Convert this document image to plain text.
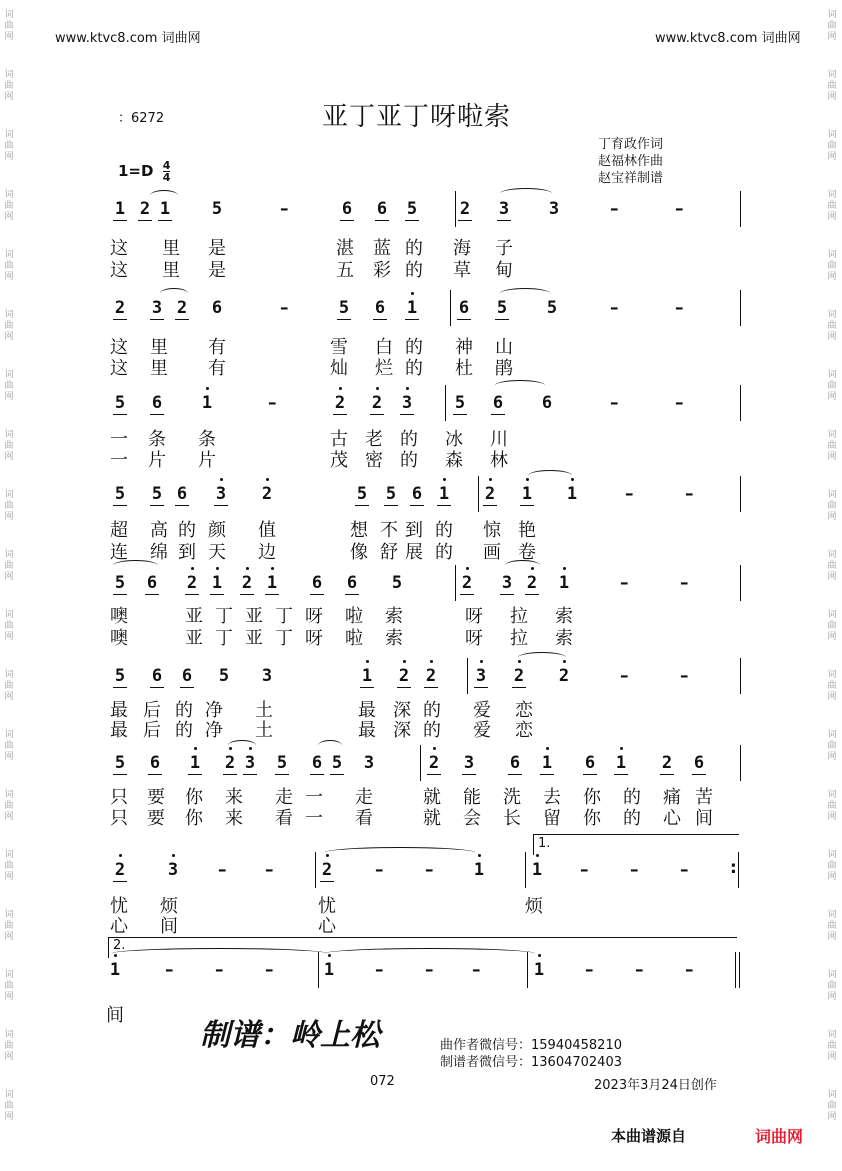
www.ktvc8.com 词曲网	www.ktvc8.com 词曲网
词
曲
网
词
曲
网
词
曲
网
词
曲
网
词
曲
网
词
曲
网
词
曲
网
词
曲
网
词
曲
网
词
曲
网
词
曲
网
词
曲
网
词
曲
网
词
曲
网
词
曲
网
词
曲
网
词
曲
网
词
曲
网
词
曲
网
词
曲
网
词
曲
网
词
曲
网
词
曲
网
词
曲
网
词
曲
网
词
曲
网
词
曲
网
词
曲
网
词
曲
网
词
曲
网
词
曲
网
词
曲
网
词
曲
网
词
曲
网
词
曲
网
词
曲
网
词
曲
网
词
曲
网
：6272	亚丁亚丁呀啦索
丁育政作词
赵福林作曲
赵宝祥制谱
$1=D \frac{4}{4}$
1 2 1 5	–	6 6 5	2 3 3	–	–
2 3 2 6	–	5 6 1 6 5 5	–	–
5 6 1	–	2 2 3	5 6 6	–	–
5 5 6 3 2	5 5 6 1 2 1 1	–	–
5 6 2 1 2 1 6 6 5	2 3 2 1	–	–
5 6 6 5 3	1 2 2 3 2 2	–	–
5 6 1 2 3 5 6 5 3	2 3 6 1 6 1 2 6
2	3 – –	2	– – 1	1 – – – :
1	– – –	1 – – –	1 – – –
这 里 是	湛 蓝 的 海 子
这 里 是	五 彩 的 草 甸
这 里 有	雪 白 的 神 山
这 里 有	灿 烂 的 杜 鹃
一 条 条	古 老 的 冰 川
一 片 片	茂 密 的 森 林
超 高 的 颜 值	想 不 到 的 惊 艳
连 绵 到 天 边	像 舒 展 的 画 卷
噢	亚 丁 亚 丁 呀 啦 索	呀 拉 索
噢	亚 丁 亚 丁 呀 啦 索	呀 拉 索
最 后 的 净 土	最 深 的 爱 恋
最 后 的 净 土	最 深 的 爱 恋
只 要 你 来 走 一 走	就 能 洗 去 你 的 痛 苦
只 要 你 来 看 一 看	就 会 长 留 你 的 心 间
忧 烦	忧	烦
心 间	心
间
1.
2.
制谱：岭上松	曲作者微信号：15940458210
制谱者微信号：13604702403
072	2023年3月24日创作
本曲谱源自	词曲网
